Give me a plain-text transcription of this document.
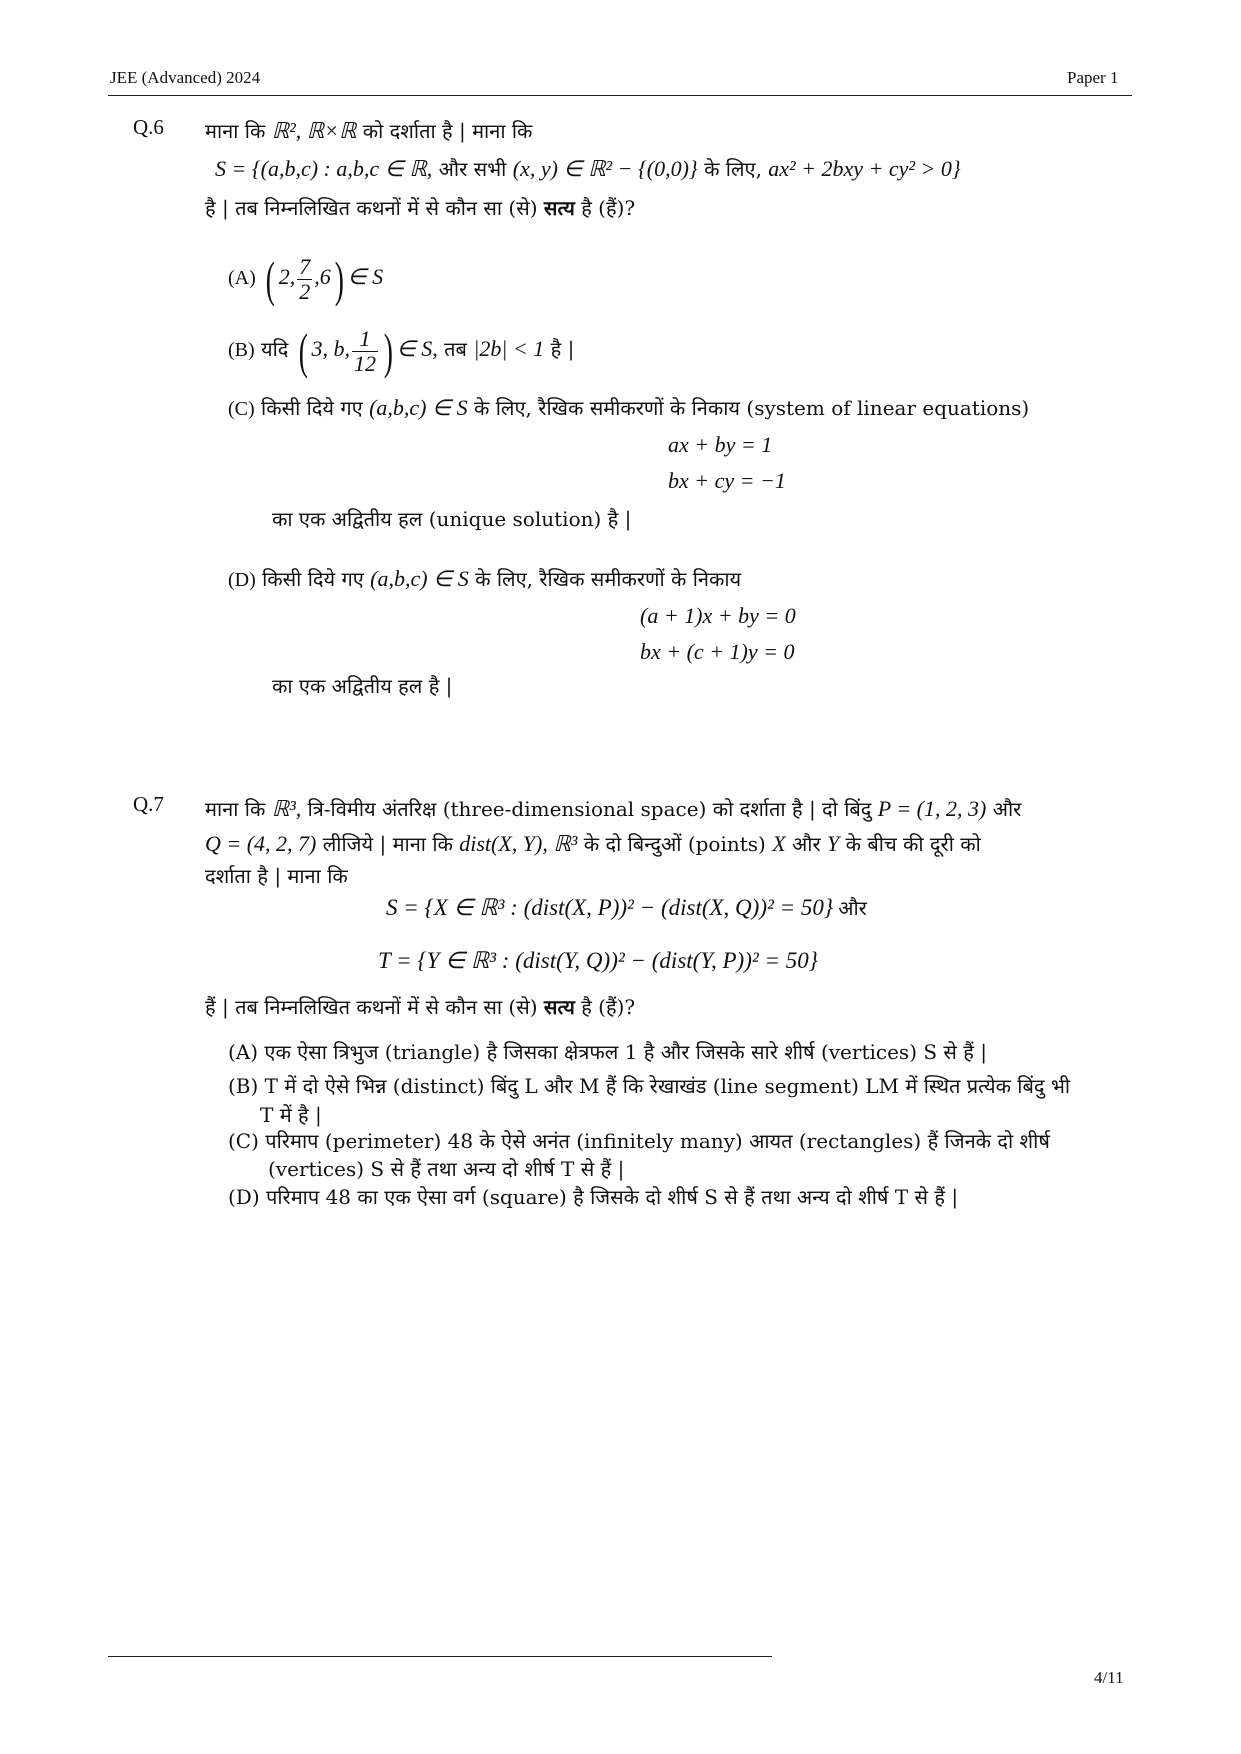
JEE (Advanced) 2024	Paper 1
Q.6 माना कि ℝ², ℝ×ℝ को दर्शाता है | माना कि
S = {(a,b,c) : a,b,c ∈ ℝ, और सभी (x, y) ∈ ℝ² − {(0,0)} के लिए, ax² + 2bxy + cy² > 0}
है | तब निम्नलिखित कथनों में से कौन सा (से) सत्य है (हैं)?
(A) ( 2, $\frac{7}{2} ,6$) ∈ S
(B) यदि ( 3, b, $\frac{1}{12}$ ) ∈ S, तब |2b| < 1 है |
(C) किसी दिये गए (a,b,c) ∈ S के लिए, रैखिक समीकरणों के निकाय (system of linear equations)
ax + by = 1
bx + cy = −1
का एक अद्वितीय हल (unique solution) है |
(D) किसी दिये गए (a,b,c) ∈ S के लिए, रैखिक समीकरणों के निकाय
(a + 1)x + by = 0
bx + (c + 1)y = 0
का एक अद्वितीय हल है |
Q.7 माना कि ℝ³, त्रि-विमीय अंतरिक्ष (three-dimensional space) को दर्शाता है | दो बिंदु P = (1, 2, 3) और
Q = (4, 2, 7) लीजिये | माना कि dist(X, Y), ℝ³ के दो बिन्दुओं (points) X और Y के बीच की दूरी को
दर्शाता है | माना कि
S = {X ∈ ℝ³ : (dist(X, P))² − (dist(X, Q))² = 50} और
T = {Y ∈ ℝ³ : (dist(Y, Q))² − (dist(Y, P))² = 50}
हैं | तब निम्नलिखित कथनों में से कौन सा (से) सत्य है (हैं)?
(A) एक ऐसा त्रिभुज (triangle) है जिसका क्षेत्रफल 1 है और जिसके सारे शीर्ष (vertices) S से हैं |
(B) T में दो ऐसे भिन्न (distinct) बिंदु L और M हैं कि रेखाखंड (line segment) LM में स्थित प्रत्येक बिंदु भी
T में है |
(C) परिमाप (perimeter) 48 के ऐसे अनंत (infinitely many) आयत (rectangles) हैं जिनके दो शीर्ष
(vertices) S से हैं तथा अन्य दो शीर्ष T से हैं |
(D) परिमाप 48 का एक ऐसा वर्ग (square) है जिसके दो शीर्ष S से हैं तथा अन्य दो शीर्ष T से हैं |
4/11
